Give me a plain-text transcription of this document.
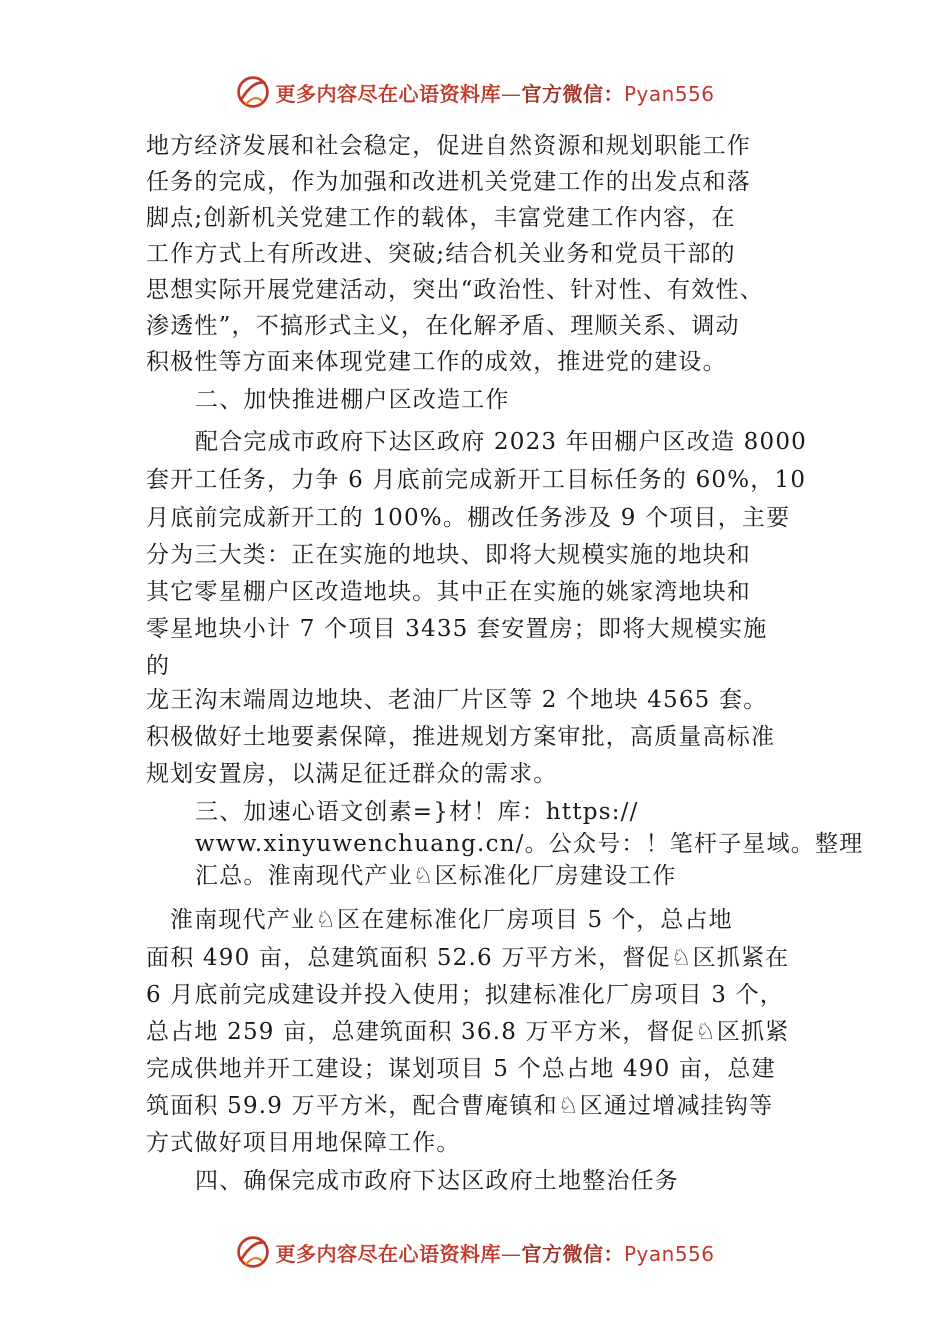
更多内容尽在心语资料库—官方微信：Pyan556
地方经济发展和社会稳定，促进自然资源和规划职能工作
任务的完成，作为加强和改进机关党建工作的出发点和落
脚点;创新机关党建工作的载体，丰富党建工作内容，在
工作方式上有所改进、突破;结合机关业务和党员干部的
思想实际开展党建活动，突出“政治性、针对性、有效性、
渗透性”，不搞形式主义，在化解矛盾、理顺关系、调动
积极性等方面来体现党建工作的成效，推进党的建设。
二、加快推进棚户区改造工作
配合完成市政府下达区政府 2023 年田棚户区改造 8000
套开工任务，力争 6 月底前完成新开工目标任务的 60%，10
月底前完成新开工的 100%。棚改任务涉及 9 个项目，主要
分为三大类：正在实施的地块、即将大规模实施的地块和
其它零星棚户区改造地块。其中正在实施的姚家湾地块和
零星地块小计 7 个项目 3435 套安置房；即将大规模实施
的
龙王沟末端周边地块、老油厂片区等 2 个地块 4565 套。
积极做好土地要素保障，推进规划方案审批，高质量高标准
规划安置房，以满足征迁群众的需求。
三、加速心语文创素=}材！库：https://
www.xinyuwenchuang.cn/。公众号：！笔杆子星域。整理
汇总。淮南现代产业♘区标准化厂房建设工作
淮南现代产业♘区在建标准化厂房项目 5 个，总占地
面积 490 亩，总建筑面积 52.6 万平方米，督促♘区抓紧在
6 月底前完成建设并投入使用；拟建标准化厂房项目 3 个，
总占地 259 亩，总建筑面积 36.8 万平方米，督促♘区抓紧
完成供地并开工建设；谋划项目 5 个总占地 490 亩，总建
筑面积 59.9 万平方米，配合曹庵镇和♘区通过增减挂钩等
方式做好项目用地保障工作。
四、确保完成市政府下达区政府土地整治任务
更多内容尽在心语资料库—官方微信：Pyan556
